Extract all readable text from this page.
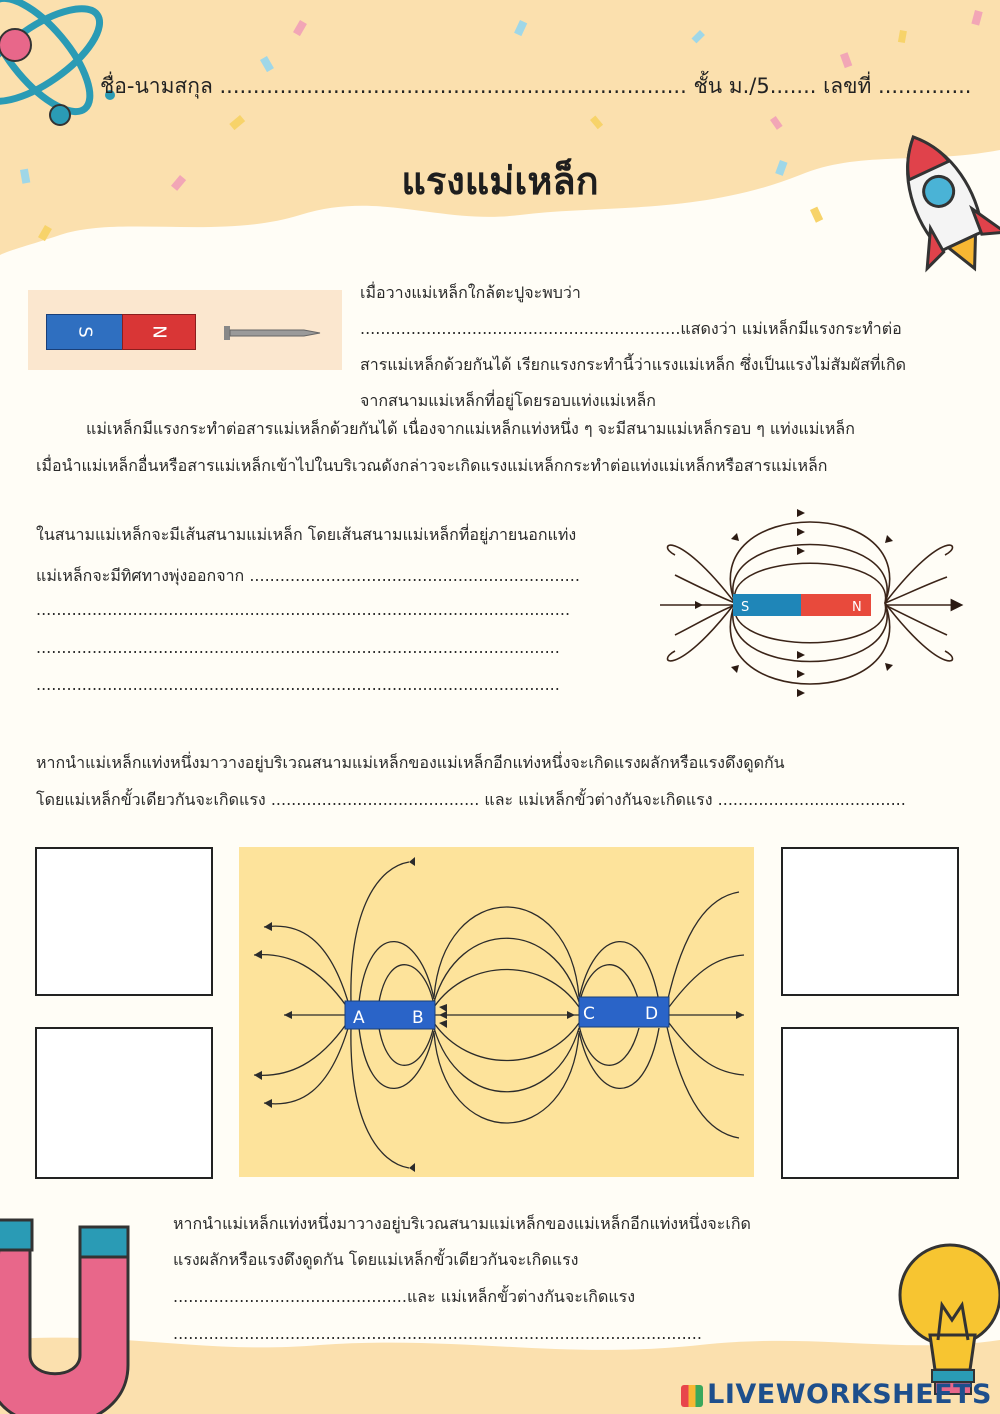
ชื่อ-นามสกุล ...................................................................... ชั้น ม./5....... เลขที่ ..............
แรงแม่เหล็ก
S	N
เมื่อวางแม่เหล็กใกล้ตะปูจะพบว่า
...............................................................แสดงว่า แม่เหล็กมีแรงกระทำต่อ
สารแม่เหล็กด้วยกันได้ เรียกแรงกระทำนี้ว่าแรงแม่เหล็ก ซึ่งเป็นแรงไม่สัมผัสที่เกิด
จากสนามแม่เหล็กที่อยู่โดยรอบแท่งแม่เหล็ก
แม่เหล็กมีแรงกระทำต่อสารแม่เหล็กด้วยกันได้ เนื่องจากแม่เหล็กแท่งหนึ่ง ๆ จะมีสนามแม่เหล็กรอบ ๆ แท่งแม่เหล็ก
เมื่อนำแม่เหล็กอื่นหรือสารแม่เหล็กเข้าไปในบริเวณดังกล่าวจะเกิดแรงแม่เหล็กกระทำต่อแท่งแม่เหล็กหรือสารแม่เหล็ก
ในสนามแม่เหล็กจะมีเส้นสนามแม่เหล็ก โดยเส้นสนามแม่เหล็กที่อยู่ภายนอกแท่ง
แม่เหล็กจะมีทิศทางพุ่งออกจาก .................................................................
.........................................................................................................
.......................................................................................................
.......................................................................................................
S	N
หากนำแม่เหล็กแท่งหนึ่งมาวางอยู่บริเวณสนามแม่เหล็กของแม่เหล็กอีกแท่งหนึ่งจะเกิดแรงผลักหรือแรงดึงดูดกัน
โดยแม่เหล็กขั้วเดียวกันจะเกิดแรง ......................................... และ แม่เหล็กขั้วต่างกันจะเกิดแรง .....................................
A	B	C	D
หากนำแม่เหล็กแท่งหนึ่งมาวางอยู่บริเวณสนามแม่เหล็กของแม่เหล็กอีกแท่งหนึ่งจะเกิด
แรงผลักหรือแรงดึงดูดกัน โดยแม่เหล็กขั้วเดียวกันจะเกิดแรง
..............................................และ แม่เหล็กขั้วต่างกันจะเกิดแรง
........................................................................................................
LIVEWORKSHEETS
